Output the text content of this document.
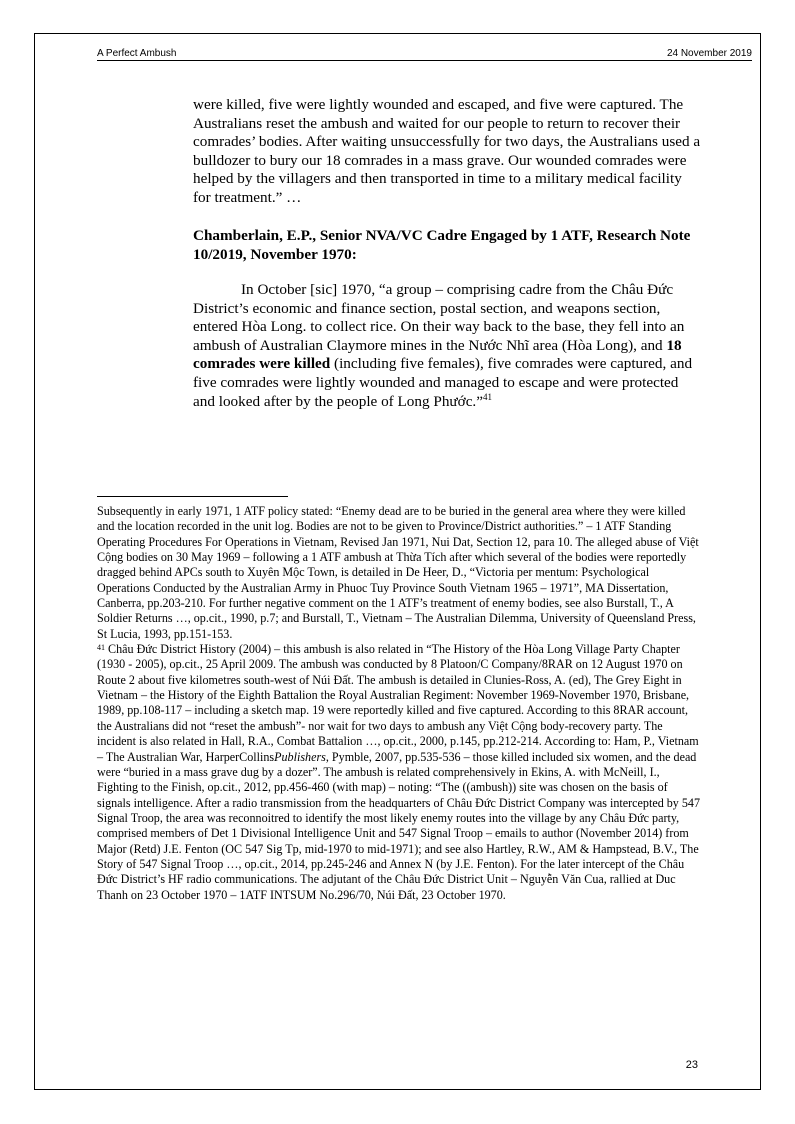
A Perfect Ambush	24 November 2019

were killed, five were lightly wounded and escaped, and five were captured. The Australians reset the ambush and waited for our people to return to recover their comrades’ bodies. After waiting unsuccessfully for two days, the Australians used a bulldozer to bury our 18 comrades in a mass grave. Our wounded comrades were helped by the villagers and then transported in time to a military medical facility for treatment.” …

Chamberlain, E.P., Senior NVA/VC Cadre Engaged by 1 ATF, Research Note 10/2019, November 1970:

In October [sic] 1970, “a group – comprising cadre from the Châu Đức District’s economic and finance section, postal section, and weapons section, entered Hòa Long. to collect rice. On their way back to the base, they fell into an ambush of Australian Claymore mines in the Nước Nhĩ area (Hòa Long), and 18 comrades were killed (including five females), five comrades were captured, and five comrades were lightly wounded and managed to escape and were protected and looked after by the people of Long Phước.”$^{41}$

Subsequently in early 1971, 1 ATF policy stated: “Enemy dead are to be buried in the general area where they were killed and the location recorded in the unit log. Bodies are not to be given to Province/District authorities.” – 1 ATF Standing Operating Procedures For Operations in Vietnam, Revised Jan 1971, Nui Dat, Section 12, para 10. The alleged abuse of Việt Cộng bodies on 30 May 1969 – following a 1 ATF ambush at Thừa Tích after which several of the bodies were reportedly dragged behind APCs south to Xuyên Mộc Town, is detailed in De Heer, D., “Victoria per mentum: Psychological Operations Conducted by the Australian Army in Phuoc Tuy Province South Vietnam 1965 – 1971”, MA Dissertation, Canberra, pp.203-210. For further negative comment on the 1 ATF’s treatment of enemy bodies, see also Burstall, T., A Soldier Returns …, op.cit., 1990, p.7; and Burstall, T., Vietnam – The Australian Dilemma, University of Queensland Press, St Lucia, 1993, pp.151-153.

$^{41}$ Châu Đức District History (2004) – this ambush is also related in “The History of the Hòa Long Village Party Chapter (1930 - 2005), op.cit., 25 April 2009. The ambush was conducted by 8 Platoon/C Company/8RAR on 12 August 1970 on Route 2 about five kilometres south-west of Núi Đất. The ambush is detailed in Clunies-Ross, A. (ed), The Grey Eight in Vietnam – the History of the Eighth Battalion the Royal Australian Regiment: November 1969-November 1970, Brisbane, 1989, pp.108-117 – including a sketch map. 19 were reportedly killed and five captured. According to this 8RAR account, the Australians did not “reset the ambush”- nor wait for two days to ambush any Việt Cộng body-recovery party. The incident is also related in Hall, R.A., Combat Battalion …, op.cit., 2000, p.145, pp.212-214. According to: Ham, P., Vietnam – The Australian War, HarperCollinsPublishers, Pymble, 2007, pp.535-536 – those killed included six women, and the dead were “buried in a mass grave dug by a dozer”. The ambush is related comprehensively in Ekins, A. with McNeill, I., Fighting to the Finish, op.cit., 2012, pp.456-460 (with map) – noting: “The ((ambush)) site was chosen on the basis of signals intelligence. After a radio transmission from the headquarters of Châu Đức District Company was intercepted by 547 Signal Troop, the area was reconnoitred to identify the most likely enemy routes into the village by any Châu Đức party, comprised members of Det 1 Divisional Intelligence Unit and 547 Signal Troop – emails to author (November 2014) from Major (Retd) J.E. Fenton (OC 547 Sig Tp, mid-1970 to mid-1971); and see also Hartley, R.W., AM & Hampstead, B.V., The Story of 547 Signal Troop …, op.cit., 2014, pp.245-246 and Annex N (by J.E. Fenton). For the later intercept of the Châu Đức District’s HF radio communications. The adjutant of the Châu Đức District Unit – Nguyễn Văn Cua, rallied at Duc Thanh on 23 October 1970 – 1ATF INTSUM No.296/70, Núi Đất, 23 October 1970.

23
